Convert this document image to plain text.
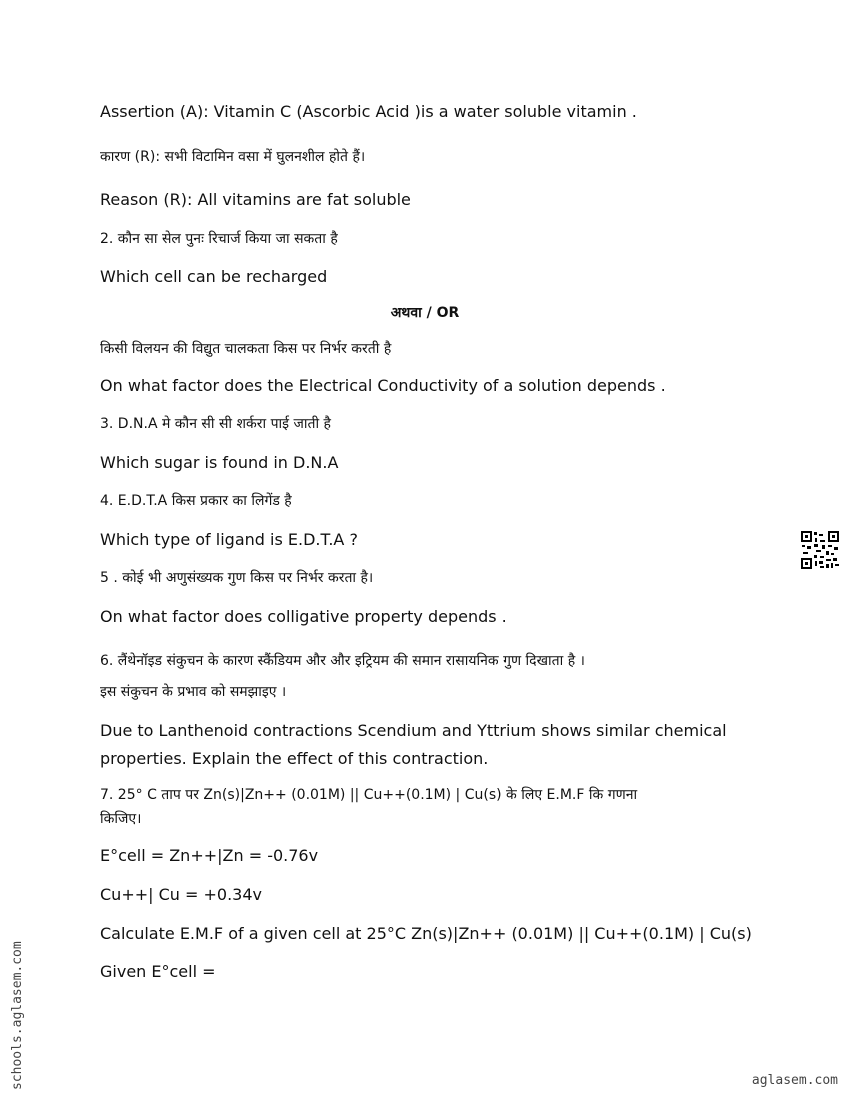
Assertion (A): Vitamin C (Ascorbic Acid )is a water soluble vitamin .
कारण (R): सभी विटामिन वसा में घुलनशील होते हैं।
Reason (R): All vitamins are fat soluble
2. कौन सा सेल पुनः रिचार्ज किया जा सकता है
Which cell can be recharged
अथवा / OR
किसी विलयन की विद्युत चालकता किस पर निर्भर करती है
On what factor does the Electrical Conductivity of a solution depends .
3. D.N.A मे कौन सी सी शर्करा पाई जाती है
Which sugar is found in D.N.A
4. E.D.T.A किस प्रकार का लिगेंड है
Which type of ligand is E.D.T.A ?
5 . कोई भी अणुसंख्यक गुण किस पर निर्भर करता है।
On what factor does colligative property depends .
6. लैंथेनॉइड संकुचन के कारण स्कैंडियम और और इट्रियम की समान रासायनिक गुण दिखाता है ।
इस संकुचन के प्रभाव को समझाइए ।
Due to Lanthenoid contractions Scendium and Yttrium shows similar chemical properties. Explain the effect of this contraction.
7. 25° C ताप पर Zn(s)|Zn++ (0.01M) || Cu++(0.1M) | Cu(s) के लिए E.M.F कि गणना
किजिए।
E°cell = Zn++|Zn = -0.76v
Cu++| Cu = +0.34v
Calculate E.M.F of a given cell at 25°C Zn(s)|Zn++ (0.01M) || Cu++(0.1M) | Cu(s)
Given E°cell =
schools.aglasem.com	aglasem.com
